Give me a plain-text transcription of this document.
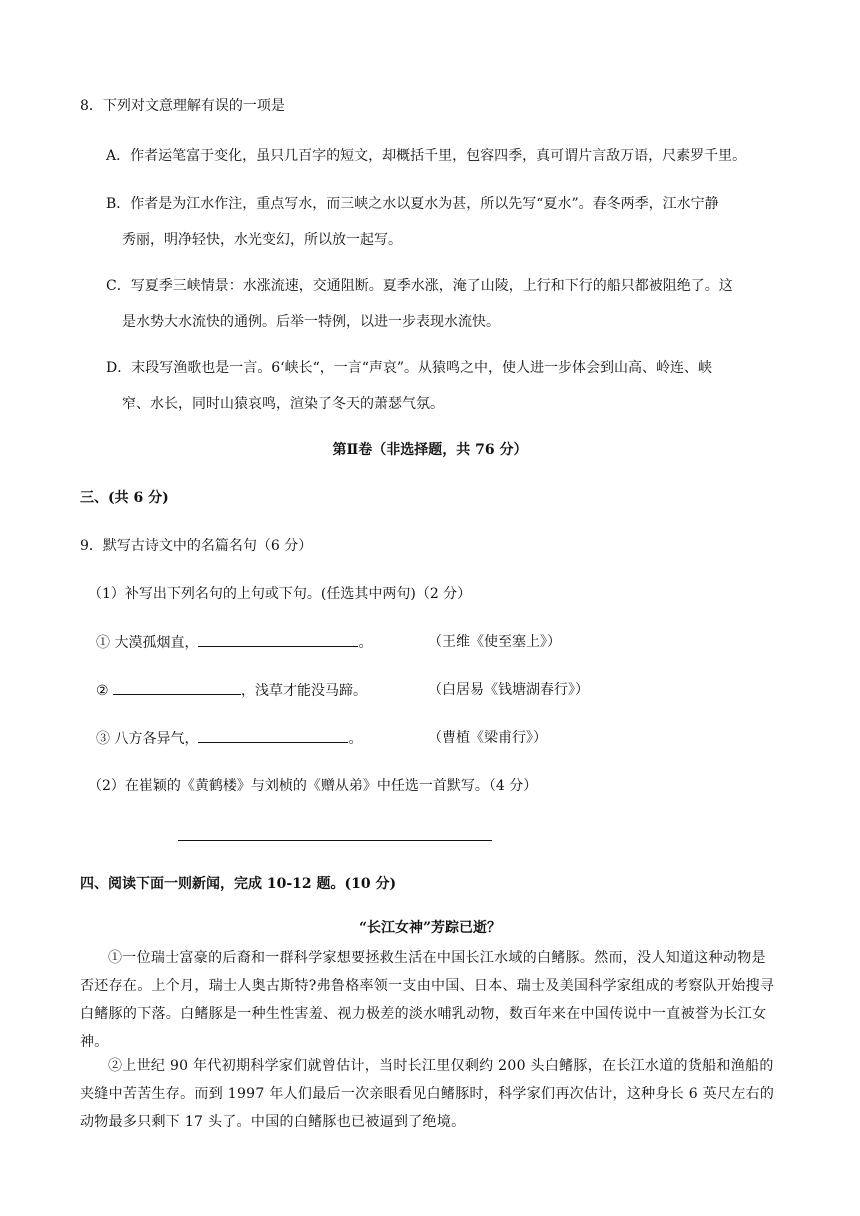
8．下列对文意理解有误的一项是
A．作者运笔富于变化，虽只几百字的短文，却概括千里，包容四季，真可谓片言敌万语，尺素罗千里。
B．作者是为江水作注，重点写水，而三峡之水以夏水为甚，所以先写“夏水”。春冬两季，江水宁静
秀丽，明净轻快，水光变幻，所以放一起写。
C．写夏季三峡情景：水涨流速，交通阻断。夏季水涨，淹了山陵，上行和下行的船只都被阻绝了。这
是水势大水流快的通例。后举一特例，以进一步表现水流快。
D．末段写渔歌也是一言。6‘峡长“，一言“声哀”。从猿鸣之中，使人进一步体会到山高、岭连、峡
窄、水长，同时山猿哀鸣，渲染了冬天的萧瑟气氛。
第Ⅱ卷（非选择题，共 76 分）
三、(共 6 分)
9．默写古诗文中的名篇名句（6 分）
（1）补写出下列名句的上句或下句。(任选其中两句)（2 分）
① 大漠孤烟直，	。	（王维《使至塞上》）
②	，浅草才能没马蹄。	（白居易《钱塘湖春行》）
③ 八方各异气，	。	（曹植《梁甫行》）
（2）在崔颖的《黄鹤楼》与刘桢的《赠从弟》中任选一首默写。（4 分）
四、阅读下面一则新闻，完成 10-12 题。(10 分)
“长江女神”芳踪已逝？
①一位瑞士富豪的后裔和一群科学家想要拯救生活在中国长江水域的白鳍豚。然而，没人知道这种动物是否还存在。上个月，瑞士人奥古斯特?弗鲁格率领一支由中国、日本、瑞士及美国科学家组成的考察队开始搜寻白鳍豚的下落。白鳍豚是一种生性害羞、视力极差的淡水哺乳动物，数百年来在中国传说中一直被誉为长江女神。
②上世纪 90 年代初期科学家们就曾估计，当时长江里仅剩约 200 头白鳍豚，在长江水道的货船和渔船的夹缝中苦苦生存。而到 1997 年人们最后一次亲眼看见白鳍豚时，科学家们再次估计，这种身长 6 英尺左右的动物最多只剩下 17 头了。中国的白鳍豚也已被逼到了绝境。
